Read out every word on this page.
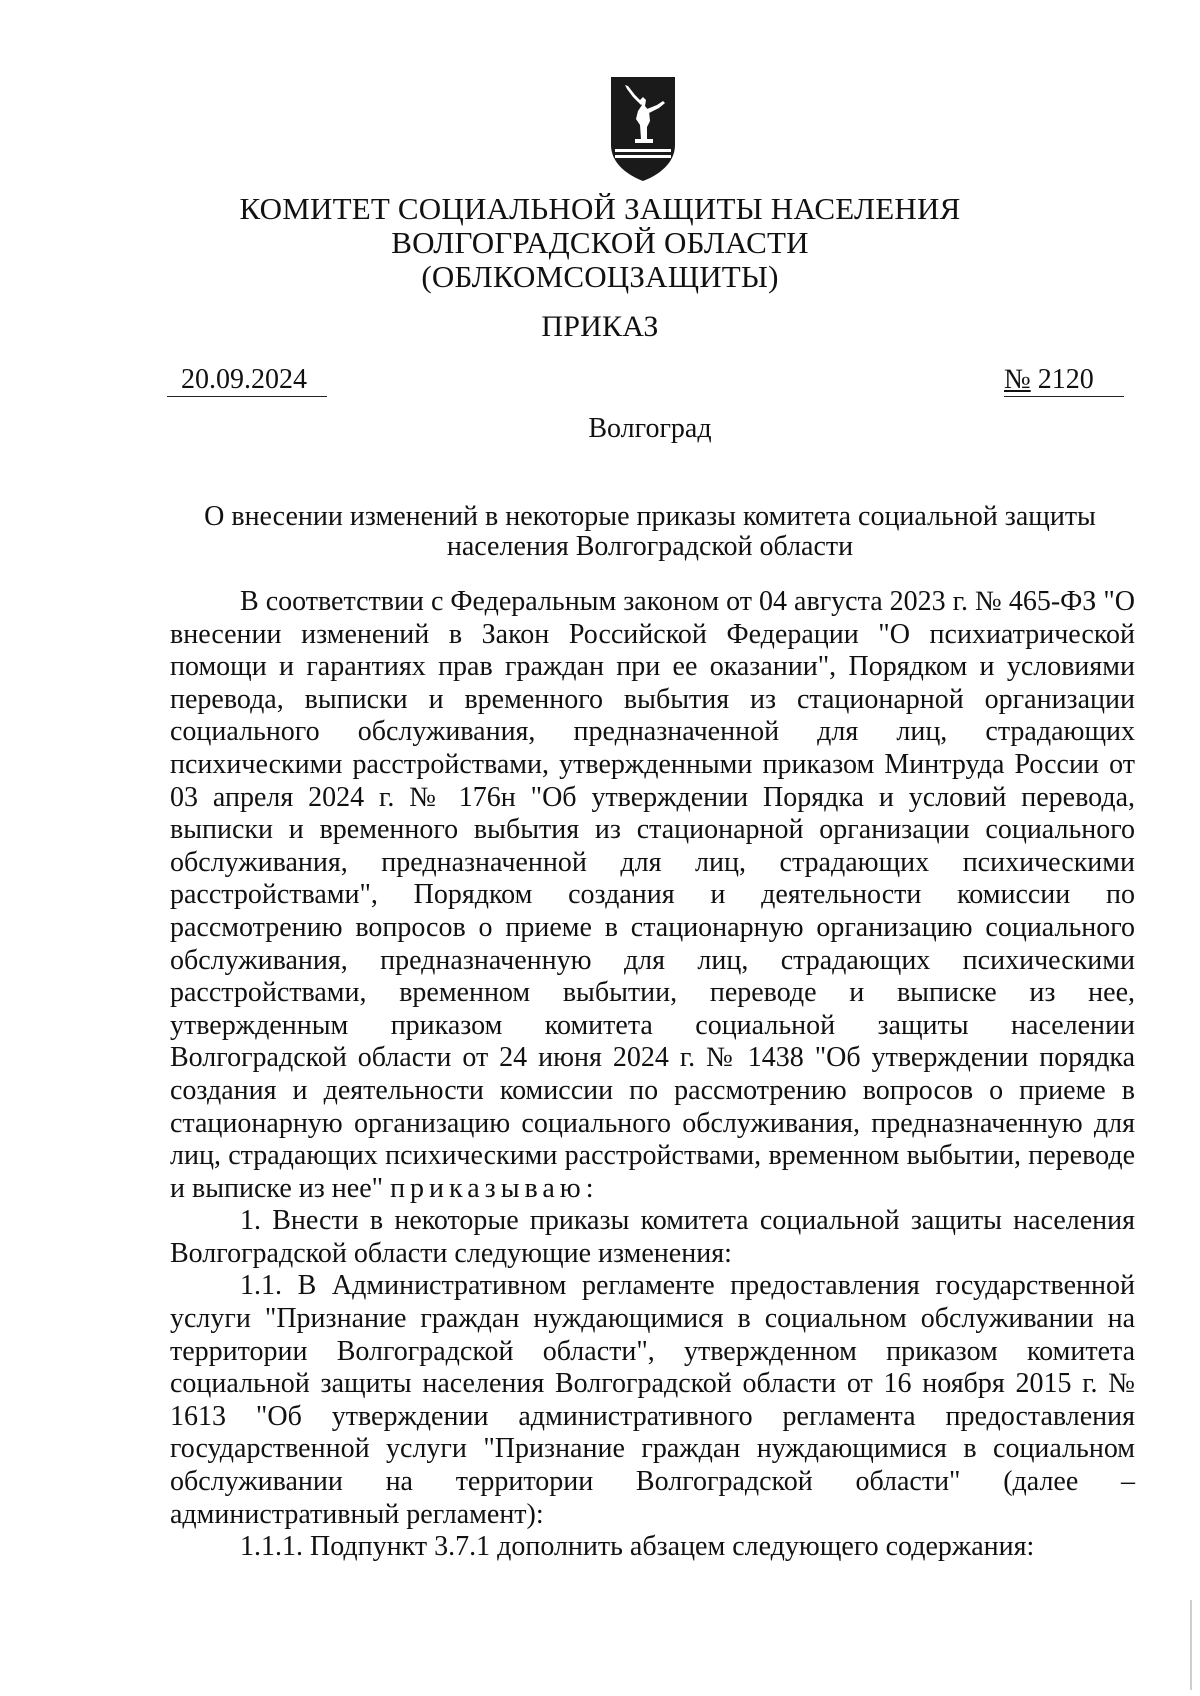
КОМИТЕТ СОЦИАЛЬНОЙ ЗАЩИТЫ НАСЕЛЕНИЯ
ВОЛГОГРАДСКОЙ ОБЛАСТИ
(ОБЛКОМСОЦЗАЩИТЫ)
ПРИКАЗ
20.09.2024	№ 2120
Волгоград
О внесении изменений в некоторые приказы комитета социальной защиты
населения Волгоградской области

В соответствии с Федеральным законом от 04 августа 2023 г. № 465-ФЗ "О внесении изменений в Закон Российской Федерации "О психиатрической помощи и гарантиях прав граждан при ее оказании", Порядком и условиями перевода, выписки и временного выбытия из стационарной организации социального обслуживания, предназначенной для лиц, страдающих психическими расстройствами, утвержденными приказом Минтруда России от 03 апреля 2024 г. № 176н "Об утверждении Порядка и условий перевода, выписки и временного выбытия из стационарной организации социального обслуживания, предназначенной для лиц, страдающих психическими расстройствами", Порядком создания и деятельности комиссии по рассмотрению вопросов о приеме в стационарную организацию социального обслуживания, предназначенную для лиц, страдающих психическими расстройствами, временном выбытии, переводе и выписке из нее, утвержденным приказом комитета социальной защиты населении Волгоградской области от 24 июня 2024 г. № 1438 "Об утверждении порядка создания и деятельности комиссии по рассмотрению вопросов о приеме в стационарную организацию социального обслуживания, предназначенную для лиц, страдающих психическими расстройствами, временном выбытии, переводе и выписке из нее" приказываю:

1. Внести в некоторые приказы комитета социальной защиты населения Волгоградской области следующие изменения:

1.1. В Административном регламенте предоставления государственной услуги "Признание граждан нуждающимися в социальном обслуживании на территории Волгоградской области", утвержденном приказом комитета социальной защиты населения Волгоградской области от 16 ноября 2015 г. № 1613 "Об утверждении административного регламента предоставления государственной услуги "Признание граждан нуждающимися в социальном обслуживании на территории Волгоградской области" (далее – административный регламент):

1.1.1. Подпункт 3.7.1 дополнить абзацем следующего содержания:
